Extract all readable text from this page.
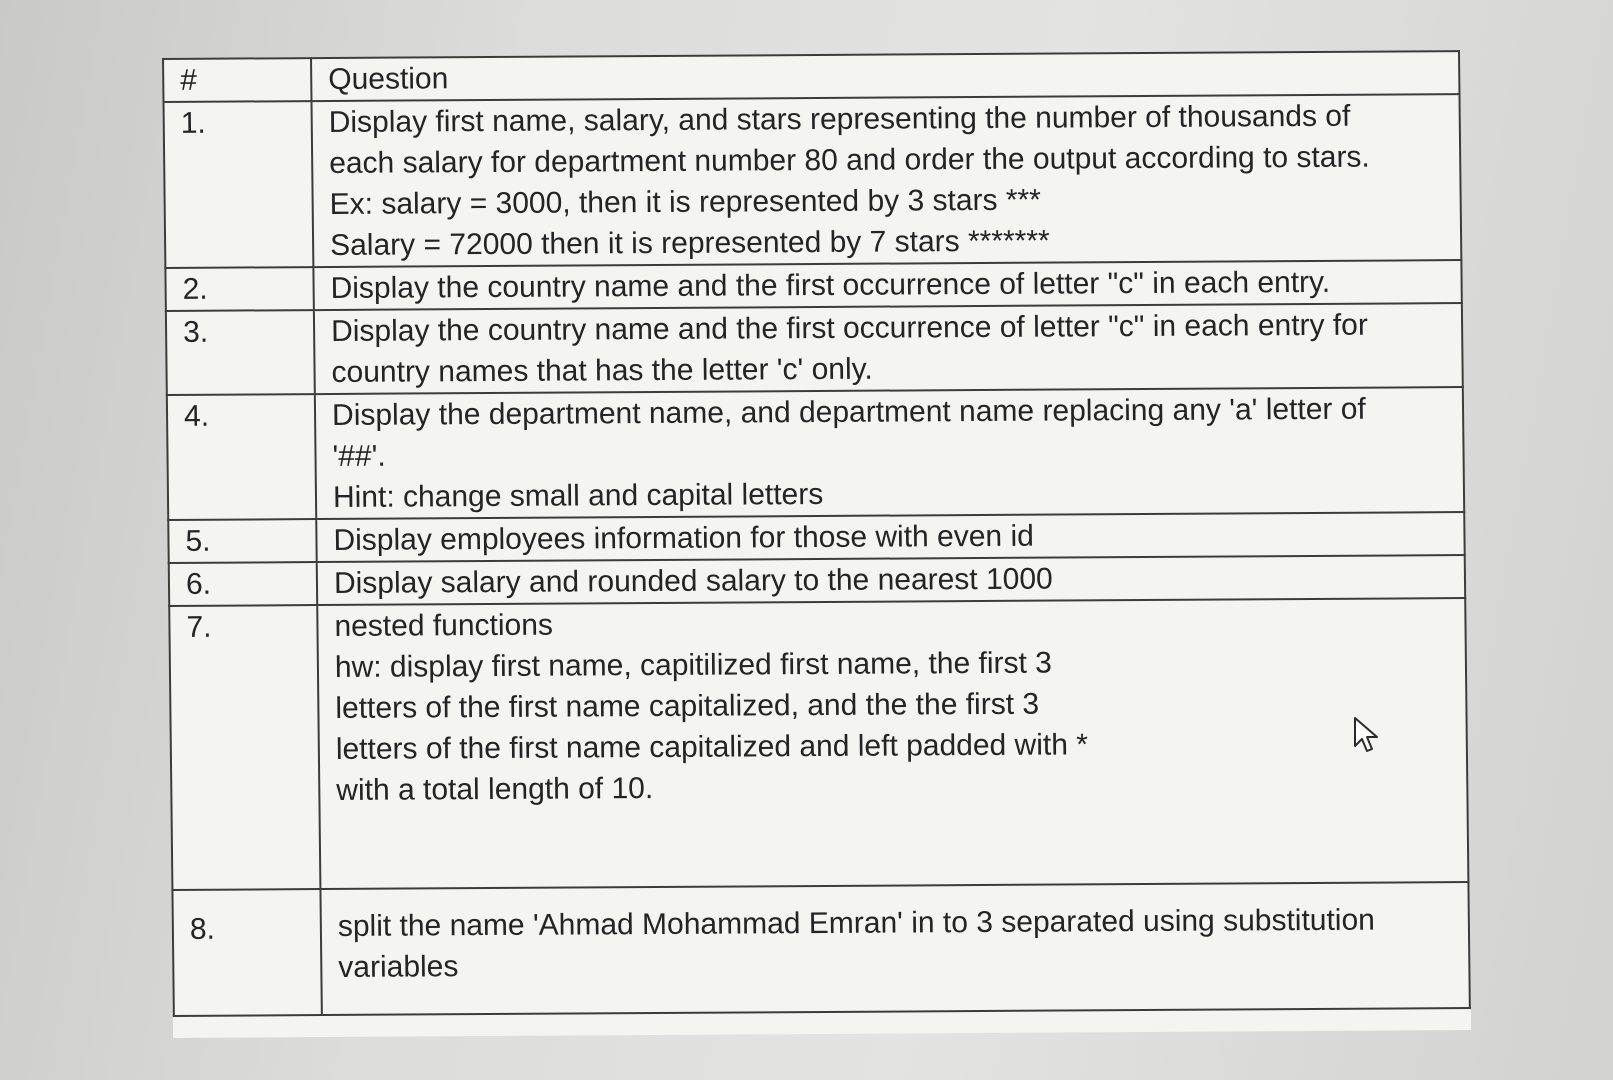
#	Question
1.	Display first name, salary, and stars representing the number of thousands of
each salary for department number 80 and order the output according to stars.
Ex: salary = 3000, then it is represented by 3 stars ***
Salary = 72000 then it is represented by 7 stars *******

2.	Display the country name and the first occurrence of letter "c" in each entry.

3.	Display the country name and the first occurrence of letter "c" in each entry for
country names that has the letter 'c' only.

4.	Display the department name, and department name replacing any 'a' letter of
'##'.
Hint: change small and capital letters

5.	Display employees information for those with even id

6.	Display salary and rounded salary to the nearest 1000

7.	nested functions
hw: display first name, capitilized first name, the first 3
letters of the first name capitalized, and the the first 3
letters of the first name capitalized and left padded with *
with a total length of 10.

8.	split the name 'Ahmad Mohammad Emran' in to 3 separated using substitution
variables
